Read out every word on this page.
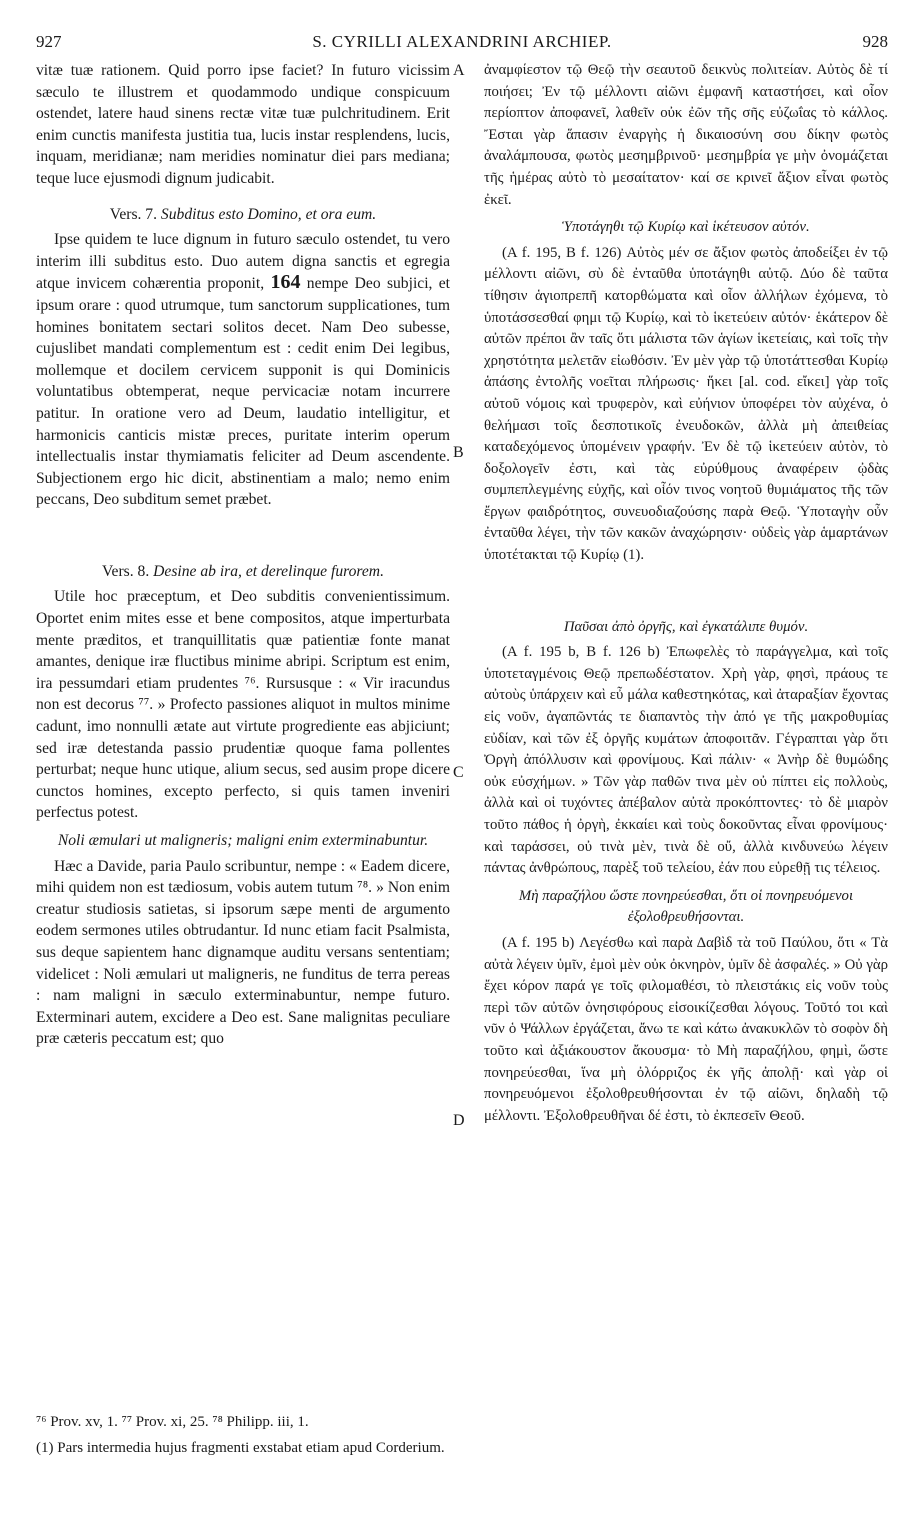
927	S. CYRILLI ALEXANDRINI ARCHIEP.	928

vitæ tuæ rationem. Quid porro ipse faciet? In futuro vicissim sæculo te illustrem et quodammodo undique conspicuum ostendet, latere haud sinens rectæ vitæ tuæ pulchritudinem. Erit enim cunctis manifesta justitia tua, lucis instar resplendens, lucis, inquam, meridianæ; nam meridies nominatur diei pars mediana; teque luce ejusmodi dignum judicabit.

Vers. 7. Subditus esto Domino, et ora eum.

Ipse quidem te luce dignum in futuro sæculo ostendet, tu vero interim illi subditus esto. Duo autem digna sanctis et egregia atque invicem cohærentia proponit, 164 nempe Deo subjici, et ipsum orare : quod utrumque, tum sanctorum supplicationes, tum homines bonitatem sectari solitos decet. Nam Deo subesse, cujuslibet mandati complementum est : cedit enim Dei legibus, mollemque et docilem cervicem supponit is qui Dominicis voluntatibus obtemperat, neque pervicaciæ notam incurrere patitur. In oratione vero ad Deum, laudatio intelligitur, et harmonicis canticis mistæ preces, puritate interim operum intellectualis instar thymiamatis feliciter ad Deum ascendente. Subjectionem ergo hic dicit, abstinentiam a malo; nemo enim peccans, Deo subditum semet præbet.

Vers. 8. Desine ab ira, et derelinque furorem.

Utile hoc præceptum, et Deo subditis convenientissimum. Oportet enim mites esse et bene compositos, atque imperturbata mente præditos, et tranquillitatis quæ patientiæ fonte manat amantes, denique iræ fluctibus minime abripi. Scriptum est enim, ira pessumdari etiam prudentes ⁷⁶. Rursusque : « Vir iracundus non est decorus ⁷⁷. » Profecto passiones aliquot in multos minime cadunt, imo nonnulli ætate aut virtute progrediente eas abjiciunt; sed iræ detestanda passio prudentiæ quoque fama pollentes perturbat; neque hunc utique, alium secus, sed ausim prope dicere cunctos homines, excepto perfecto, si quis tamen inveniri perfectus potest.

Noli æmulari ut maligneris; maligni enim exterminabuntur.

Hæc a Davide, paria Paulo scribuntur, nempe : « Eadem dicere, mihi quidem non est tædiosum, vobis autem tutum ⁷⁸. » Non enim creatur studiosis satietas, si ipsorum sæpe menti de argumento eodem sermones utiles obtrudantur. Id nunc etiam facit Psalmista, sus deque sapientem hanc dignamque auditu versans sententiam; videlicet : Noli æmulari ut maligneris, ne funditus de terra pereas : nam maligni in sæculo exterminabuntur, nempe futuro. Exterminari autem, excidere a Deo est. Sane malignitas peculiare præ cæteris peccatum est; quo

A
B
C
D

ἀναμφίεστον τῷ Θεῷ τὴν σεαυτοῦ δεικνὺς πολιτείαν. Αὐτὸς δὲ τί ποιήσει; Ἐν τῷ μέλλοντι αἰῶνι ἐμφανῆ καταστήσει, καὶ οἷον περίοπτον ἀποφανεῖ, λαθεῖν οὐκ ἐῶν τῆς σῆς εὐζωΐας τὸ κάλλος. Ἔσται γὰρ ἅπασιν ἐναργὴς ἡ δικαιοσύνη σου δίκην φωτὸς ἀναλάμπουσα, φωτὸς μεσημβρινοῦ· μεσημβρία γε μὴν ὀνομάζεται τῆς ἡμέρας αὐτὸ τὸ μεσαίτατον· καί σε κρινεῖ ἄξιον εἶναι φωτὸς ἐκεῖ.

Ὑποτάγηθι τῷ Κυρίῳ καὶ ἱκέτευσον αὐτόν.

(A f. 195, B f. 126) Αὐτὸς μέν σε ἄξιον φωτὸς ἀποδείξει ἐν τῷ μέλλοντι αἰῶνι, σὺ δὲ ἐνταῦθα ὑποτάγηθι αὐτῷ. Δύο δὲ ταῦτα τίθησιν ἁγιοπρεπῆ κατορθώματα καὶ οἷον ἀλλήλων ἐχόμενα, τὸ ὑποτάσσεσθαί φημι τῷ Κυρίῳ, καὶ τὸ ἱκετεύειν αὐτόν· ἑκάτερον δὲ αὐτῶν πρέποι ἂν ταῖς ὅτι μάλιστα τῶν ἁγίων ἱκετείαις, καὶ τοῖς τὴν χρηστότητα μελετᾶν εἰωθόσιν. Ἐν μὲν γὰρ τῷ ὑποτάττεσθαι Κυρίῳ ἁπάσης ἐντολῆς νοεῖται πλήρωσις· ἥκει [al. cod. εἴκει] γὰρ τοῖς αὐτοῦ νόμοις καὶ τρυφερὸν, καὶ εὐήνιον ὑποφέρει τὸν αὐχένα, ὁ θελήμασι τοῖς δεσποτικοῖς ἐνευδοκῶν, ἀλλὰ μὴ ἀπειθείας καταδεχόμενος ὑπομένειν γραφήν. Ἐν δὲ τῷ ἱκετεύειν αὐτὸν, τὸ δοξολογεῖν ἐστι, καὶ τὰς εὐρύθμους ἀναφέρειν ᾠδὰς συμπεπλεγμένης εὐχῆς, καὶ οἷόν τινος νοητοῦ θυμιάματος τῆς τῶν ἔργων φαιδρότητος, συνευοδιαζούσης παρὰ Θεῷ. Ὑποταγὴν οὖν ἐνταῦθα λέγει, τὴν τῶν κακῶν ἀναχώρησιν· οὐδεὶς γὰρ ἁμαρτάνων ὑποτέτακται τῷ Κυρίῳ (1).

Παῦσαι ἀπὸ ὀργῆς, καὶ ἐγκατάλιπε θυμόν.

(A f. 195 b, B f. 126 b) Ἐπωφελὲς τὸ παράγγελμα, καὶ τοῖς ὑποτεταγμένοις Θεῷ πρεπωδέστατον. Χρὴ γὰρ, φησὶ, πράους τε αὐτοὺς ὑπάρχειν καὶ εὖ μάλα καθεστηκότας, καὶ ἀταραξίαν ἔχοντας εἰς νοῦν, ἀγαπῶντάς τε διαπαντὸς τὴν ἀπό γε τῆς μακροθυμίας εὐδίαν, καὶ τῶν ἐξ ὀργῆς κυμάτων ἀποφοιτᾶν. Γέγραπται γὰρ ὅτι Ὀργὴ ἀπόλλυσιν καὶ φρονίμους. Καὶ πάλιν· « Ἀνὴρ δὲ θυμώδης οὐκ εὐσχήμων. » Τῶν γὰρ παθῶν τινα μὲν οὐ πίπτει εἰς πολλοὺς, ἀλλὰ καὶ οἱ τυχόντες ἀπέβαλον αὐτὰ προκόπτοντες· τὸ δὲ μιαρὸν τοῦτο πάθος ἡ ὀργὴ, ἐκκαίει καὶ τοὺς δοκοῦντας εἶναι φρονίμους· καὶ ταράσσει, οὐ τινὰ μὲν, τινὰ δὲ οὔ, ἀλλὰ κινδυνεύω λέγειν πάντας ἀνθρώπους, παρὲξ τοῦ τελείου, ἐάν που εὑρεθῇ τις τέλειος.

Μὴ παραζήλου ὥστε πονηρεύεσθαι, ὅτι οἱ πονηρευόμενοι ἐξολοθρευθήσονται.

(A f. 195 b) Λεγέσθω καὶ παρὰ Δαβὶδ τὰ τοῦ Παύλου, ὅτι « Τὰ αὐτὰ λέγειν ὑμῖν, ἐμοὶ μὲν οὐκ ὀκνηρὸν, ὑμῖν δὲ ἀσφαλές. » Οὐ γὰρ ἔχει κόρον παρά γε τοῖς φιλομαθέσι, τὸ πλειστάκις εἰς νοῦν τοὺς περὶ τῶν αὐτῶν ὀνησιφόρους εἰσοικίζεσθαι λόγους. Τοῦτό τοι καὶ νῦν ὁ Ψάλλων ἐργάζεται, ἄνω τε καὶ κάτω ἀνακυκλῶν τὸ σοφὸν δὴ τοῦτο καὶ ἀξιάκουστον ἄκουσμα· τὸ Μὴ παραζήλου, φημὶ, ὥστε πονηρεύεσθαι, ἵνα μὴ ὀλόρριζος ἐκ γῆς ἀπολῇ· καὶ γὰρ οἱ πονηρευόμενοι ἐξολοθρευθήσονται ἐν τῷ αἰῶνι, δηλαδὴ τῷ μέλλοντι. Ἐξολοθρευθῆναι δέ ἐστι, τὸ ἐκπεσεῖν Θεοῦ.

⁷⁶ Prov. xv, 1. ⁷⁷ Prov. xi, 25. ⁷⁸ Philipp. iii, 1.
(1) Pars intermedia hujus fragmenti exstabat etiam apud Corderium.
